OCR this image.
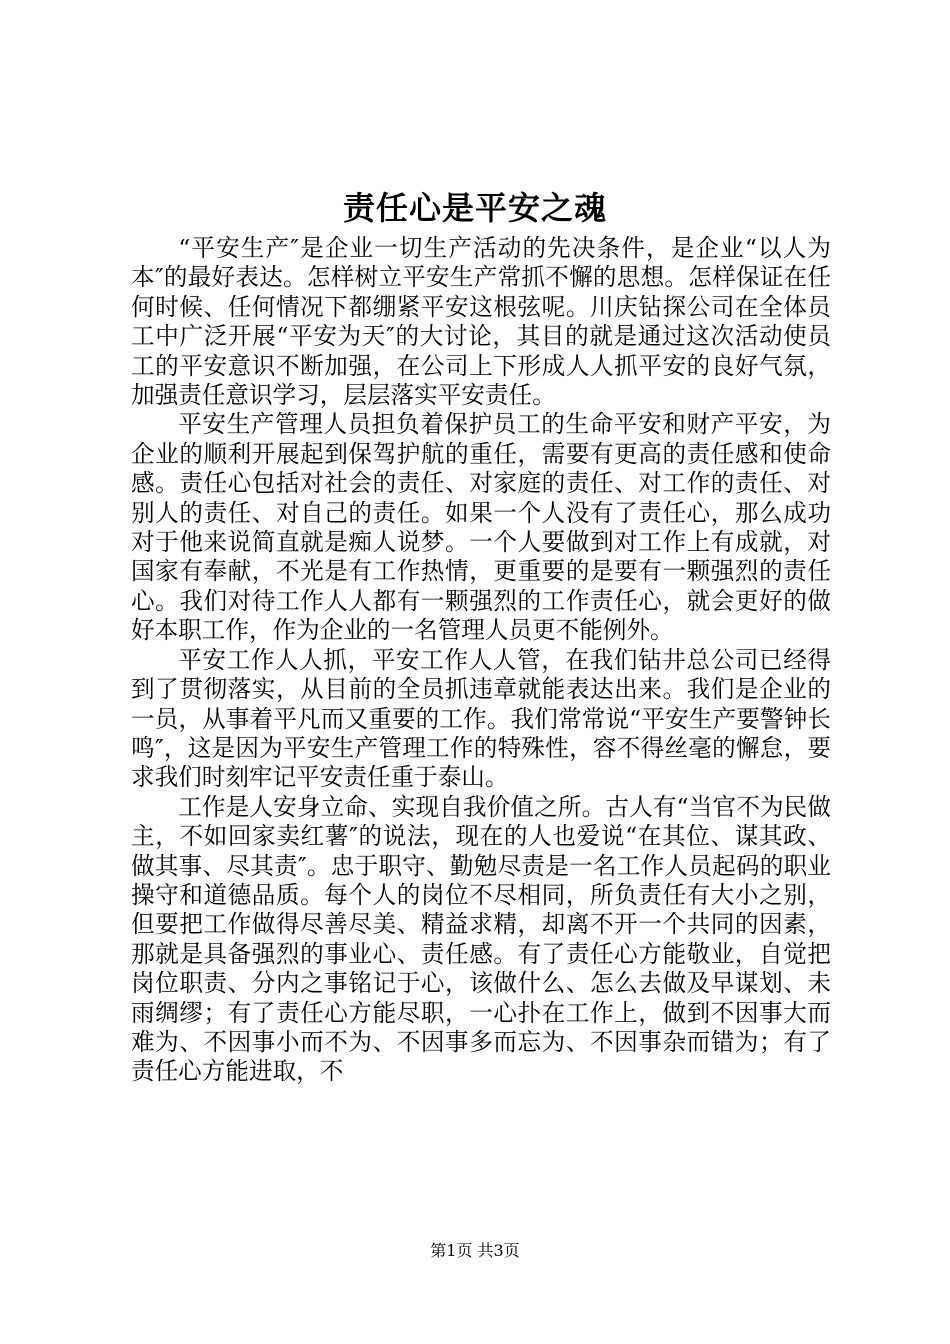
责任心是平安之魂

“平安生产″是企业一切生产活动的先决条件，是企业“以人为本″的最好表达。怎样树立平安生产常抓不懈的思想。怎样保证在任何时候、任何情况下都绷紧平安这根弦呢。川庆钻探公司在全体员工中广泛开展“平安为天″的大讨论，其目的就是通过这次活动使员工的平安意识不断加强，在公司上下形成人人抓平安的良好气氛，加强责任意识学习，层层落实平安责任。

平安生产管理人员担负着保护员工的生命平安和财产平安，为企业的顺利开展起到保驾护航的重任，需要有更高的责任感和使命感。责任心包括对社会的责任、对家庭的责任、对工作的责任、对别人的责任、对自己的责任。如果一个人没有了责任心，那么成功对于他来说简直就是痴人说梦。一个人要做到对工作上有成就，对国家有奉献，不光是有工作热情，更重要的是要有一颗强烈的责任心。我们对待工作人人都有一颗强烈的工作责任心，就会更好的做好本职工作，作为企业的一名管理人员更不能例外。

平安工作人人抓，平安工作人人管，在我们钻井总公司已经得到了贯彻落实，从目前的全员抓违章就能表达出来。我们是企业的一员，从事着平凡而又重要的工作。我们常常说“平安生产要警钟长鸣″，这是因为平安生产管理工作的特殊性，容不得丝毫的懈怠，要求我们时刻牢记平安责任重于泰山。

工作是人安身立命、实现自我价值之所。古人有“当官不为民做主，不如回家卖红薯″的说法，现在的人也爱说“在其位、谋其政、做其事、尽其责″。忠于职守、勤勉尽责是一名工作人员起码的职业操守和道德品质。每个人的岗位不尽相同，所负责任有大小之别，但要把工作做得尽善尽美、精益求精，却离不开一个共同的因素，那就是具备强烈的事业心、责任感。有了责任心方能敬业，自觉把岗位职责、分内之事铭记于心，该做什么、怎么去做及早谋划、未雨绸缪；有了责任心方能尽职，一心扑在工作上，做到不因事大而难为、不因事小而不为、不因事多而忘为、不因事杂而错为；有了责任心方能进取，不

第1页 共3页
